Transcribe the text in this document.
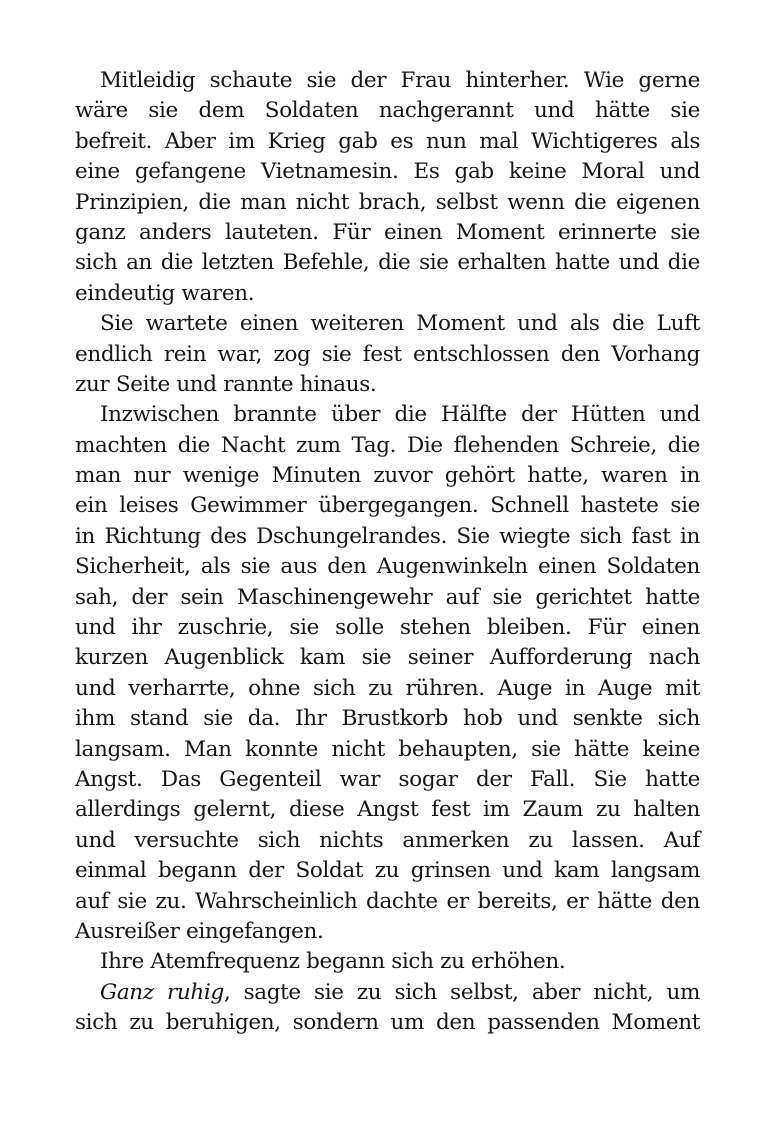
Mitleidig schaute sie der Frau hinterher. Wie gerne
wäre sie dem Soldaten nachgerannt und hätte sie
befreit. Aber im Krieg gab es nun mal Wichtigeres als
eine gefangene Vietnamesin. Es gab keine Moral und
Prinzipien, die man nicht brach, selbst wenn die eigenen
ganz anders lauteten. Für einen Moment erinnerte sie
sich an die letzten Befehle, die sie erhalten hatte und die
eindeutig waren.
Sie wartete einen weiteren Moment und als die Luft
endlich rein war, zog sie fest entschlossen den Vorhang
zur Seite und rannte hinaus.
Inzwischen brannte über die Hälfte der Hütten und
machten die Nacht zum Tag. Die flehenden Schreie, die
man nur wenige Minuten zuvor gehört hatte, waren in
ein leises Gewimmer übergegangen. Schnell hastete sie
in Richtung des Dschungelrandes. Sie wiegte sich fast in
Sicherheit, als sie aus den Augenwinkeln einen Soldaten
sah, der sein Maschinengewehr auf sie gerichtet hatte
und ihr zuschrie, sie solle stehen bleiben. Für einen
kurzen Augenblick kam sie seiner Aufforderung nach
und verharrte, ohne sich zu rühren. Auge in Auge mit
ihm stand sie da. Ihr Brustkorb hob und senkte sich
langsam. Man konnte nicht behaupten, sie hätte keine
Angst. Das Gegenteil war sogar der Fall. Sie hatte
allerdings gelernt, diese Angst fest im Zaum zu halten
und versuchte sich nichts anmerken zu lassen. Auf
einmal begann der Soldat zu grinsen und kam langsam
auf sie zu. Wahrscheinlich dachte er bereits, er hätte den
Ausreißer eingefangen.
Ihre Atemfrequenz begann sich zu erhöhen.
Ganz ruhig, sagte sie zu sich selbst, aber nicht, um
sich zu beruhigen, sondern um den passenden Moment
